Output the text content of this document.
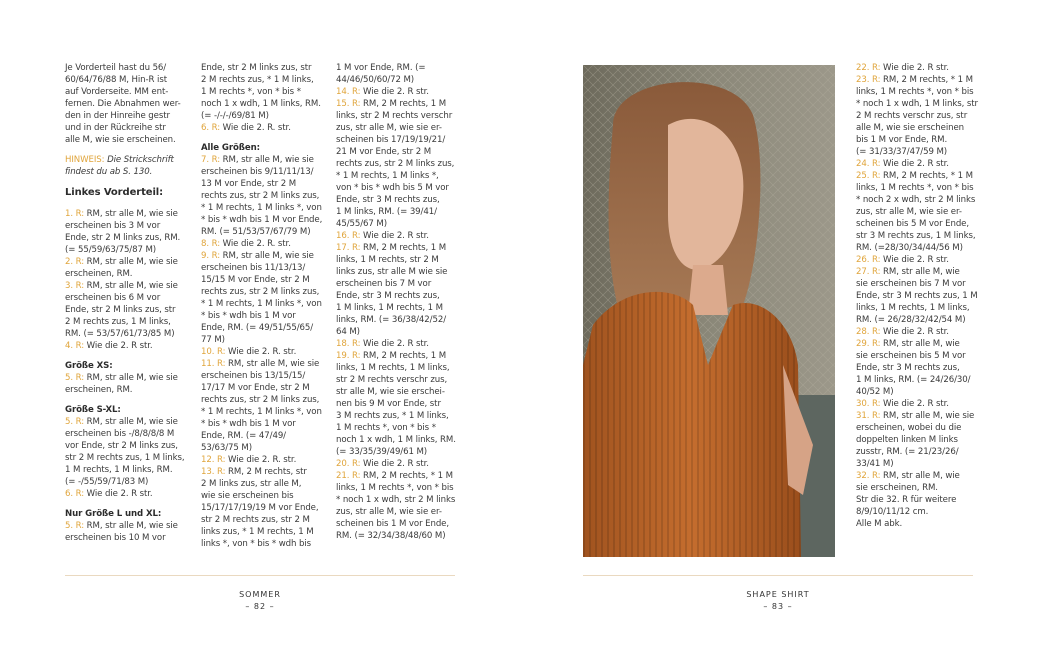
Je Vorderteil hast du 56/
60/64/76/88 M, Hin-R ist
auf Vorderseite. MM ent-
fernen. Die Abnahmen wer-
den in der Hinreihe gestr
und in der Rückreihe str
alle M, wie sie erscheinen.
HINWEIS: Die Strickschrift
findest du ab S. 130.
Linkes Vorderteil:
1. R: RM, str alle M, wie sie
erscheinen bis 3 M vor
Ende, str 2 M links zus, RM.
(= 55/59/63/75/87 M)
2. R: RM, str alle M, wie sie
erscheinen, RM.
3. R: RM, str alle M, wie sie
erscheinen bis 6 M vor
Ende, str 2 M links zus, str
2 M rechts zus, 1 M links,
RM. (= 53/57/61/73/85 M)
4. R: Wie die 2. R str.
Größe XS:
5. R: RM, str alle M, wie sie
erscheinen, RM.
Größe S-XL:
5. R: RM, str alle M, wie sie
erscheinen bis -/8/8/8/8 M
vor Ende, str 2 M links zus,
str 2 M rechts zus, 1 M links,
1 M rechts, 1 M links, RM.
(= -/55/59/71/83 M)
6. R: Wie die 2. R str.
Nur Größe L und XL:
5. R: RM, str alle M, wie sie
erscheinen bis 10 M vor
Ende, str 2 M links zus, str
2 M rechts zus, * 1 M links,
1 M rechts *, von * bis *
noch 1 x wdh, 1 M links, RM.
(= -/-/-/69/81 M)
6. R: Wie die 2. R. str.
Alle Größen:
7. R: RM, str alle M, wie sie
erscheinen bis 9/11/11/13/
13 M vor Ende, str 2 M
rechts zus, str 2 M links zus,
* 1 M rechts, 1 M links *, von
* bis * wdh bis 1 M vor Ende,
RM. (= 51/53/57/67/79 M)
8. R: Wie die 2. R. str.
9. R: RM, str alle M, wie sie
erscheinen bis 11/13/13/
15/15 M vor Ende, str 2 M
rechts zus, str 2 M links zus,
* 1 M rechts, 1 M links *, von
* bis * wdh bis 1 M vor
Ende, RM. (= 49/51/55/65/
77 M)
10. R: Wie die 2. R. str.
11. R: RM, str alle M, wie sie
erscheinen bis 13/15/15/
17/17 M vor Ende, str 2 M
rechts zus, str 2 M links zus,
* 1 M rechts, 1 M links *, von
* bis * wdh bis 1 M vor
Ende, RM. (= 47/49/
53/63/75 M)
12. R: Wie die 2. R. str.
13. R: RM, 2 M rechts, str
2 M links zus, str alle M,
wie sie erscheinen bis
15/17/17/19/19 M vor Ende,
str 2 M rechts zus, str 2 M
links zus, * 1 M rechts, 1 M
links *, von * bis * wdh bis
1 M vor Ende, RM. (=
44/46/50/60/72 M)
14. R: Wie die 2. R str.
15. R: RM, 2 M rechts, 1 M
links, str 2 M rechts verschr
zus, str alle M, wie sie er-
scheinen bis 17/19/19/21/
21 M vor Ende, str 2 M
rechts zus, str 2 M links zus,
* 1 M rechts, 1 M links *,
von * bis * wdh bis 5 M vor
Ende, str 3 M rechts zus,
1 M links, RM. (= 39/41/
45/55/67 M)
16. R: Wie die 2. R str.
17. R: RM, 2 M rechts, 1 M
links, 1 M rechts, str 2 M
links zus, str alle M wie sie
erscheinen bis 7 M vor
Ende, str 3 M rechts zus,
1 M links, 1 M rechts, 1 M
links, RM. (= 36/38/42/52/
64 M)
18. R: Wie die 2. R str.
19. R: RM, 2 M rechts, 1 M
links, 1 M rechts, 1 M links,
str 2 M rechts verschr zus,
str alle M, wie sie erschei-
nen bis 9 M vor Ende, str
3 M rechts zus, * 1 M links,
1 M rechts *, von * bis *
noch 1 x wdh, 1 M links, RM.
(= 33/35/39/49/61 M)
20. R: Wie die 2. R str.
21. R: RM, 2 M rechts, * 1 M
links, 1 M rechts *, von * bis
* noch 1 x wdh, str 2 M links
zus, str alle M, wie sie er-
scheinen bis 1 M vor Ende,
RM. (= 32/34/38/48/60 M)
22. R: Wie die 2. R str.
23. R: RM, 2 M rechts, * 1 M
links, 1 M rechts *, von * bis
* noch 1 x wdh, 1 M links, str
2 M rechts verschr zus, str
alle M, wie sie erscheinen
bis 1 M vor Ende, RM.
(= 31/33/37/47/59 M)
24. R: Wie die 2. R str.
25. R: RM, 2 M rechts, * 1 M
links, 1 M rechts *, von * bis
* noch 2 x wdh, str 2 M links
zus, str alle M, wie sie er-
scheinen bis 5 M vor Ende,
str 3 M rechts zus, 1 M links,
RM. (=28/30/34/44/56 M)
26. R: Wie die 2. R str.
27. R: RM, str alle M, wie
sie erscheinen bis 7 M vor
Ende, str 3 M rechts zus, 1 M
links, 1 M rechts, 1 M links,
RM. (= 26/28/32/42/54 M)
28. R: Wie die 2. R str.
29. R: RM, str alle M, wie
sie erscheinen bis 5 M vor
Ende, str 3 M rechts zus,
1 M links, RM. (= 24/26/30/
40/52 M)
30. R: Wie die 2. R str.
31. R: RM, str alle M, wie sie
erscheinen, wobei du die
doppelten linken M links
zusstr, RM. (= 21/23/26/
33/41 M)
32. R: RM, str alle M, wie
sie erscheinen, RM.
Str die 32. R für weitere
8/9/10/11/12 cm.
Alle M abk.
SOMMER
– 82 –
SHAPE SHIRT
– 83 –
